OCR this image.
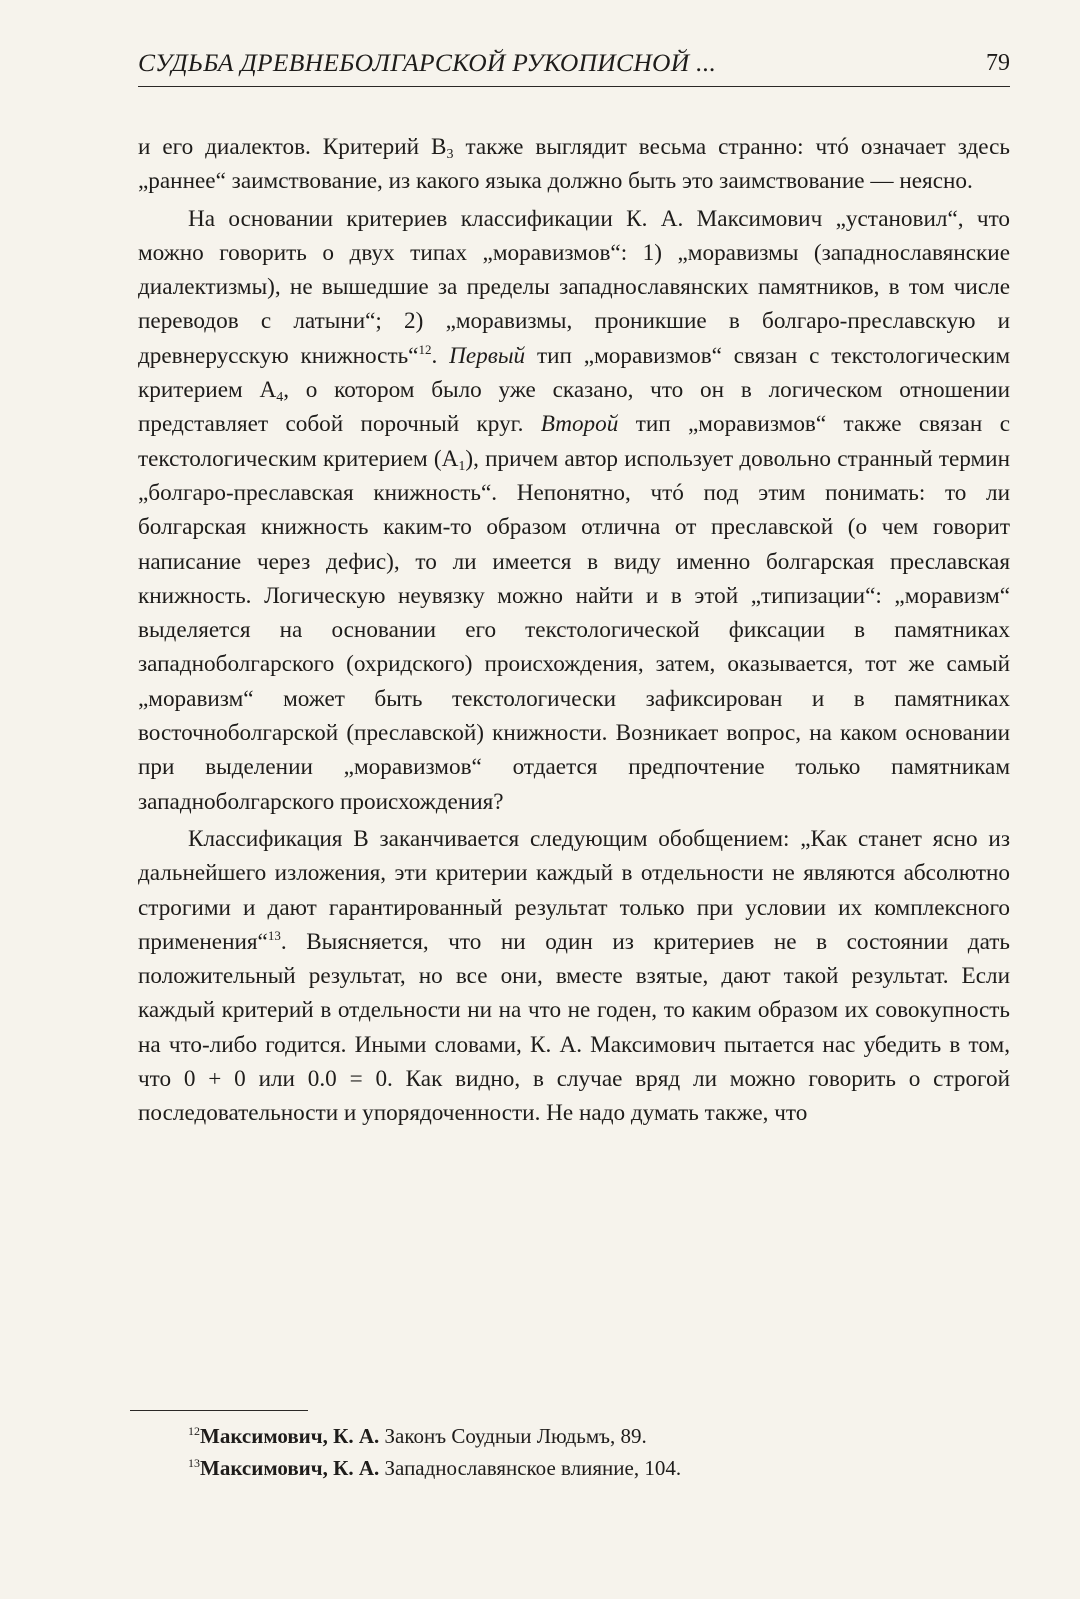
СУДЬБА ДРЕВНЕБОЛГАРСКОЙ РУКОПИСНОЙ ...	79

и его диалектов. Критерий $B_3$ также выглядит весьма странно: чтó означает здесь „раннее“ заимствование, из какого языка должно быть это заимствование — неясно.

На основании критериев классификации К. А. Максимович „установил“, что можно говорить о двух типах „моравизмов“: 1) „моравизмы (западнославянские диалектизмы), не вышедшие за пределы западнославянских памятников, в том числе переводов с латыни“; 2) „моравизмы, проникшие в болгаро-преславскую и древнерусскую книжность“$^{12}$. Первый тип „моравизмов“ связан с текстологическим критерием $A_4$, о котором было уже сказано, что он в логическом отношении представляет собой порочный круг. Второй тип „моравизмов“ также связан с текстологическим критерием $(A_1)$, причем автор использует довольно странный термин „болгаро-преславская книжность“. Непонятно, чтó под этим понимать: то ли болгарская книжность каким-то образом отлична от преславской (о чем говорит написание через дефис), то ли имеется в виду именно болгарская преславская книжность. Логическую неувязку можно найти и в этой „типизации“: „моравизм“ выделяется на основании его текстологической фиксации в памятниках западноболгарского (охридского) происхождения, затем, оказывается, тот же самый „моравизм“ может быть текстологически зафиксирован и в памятниках восточноболгарской (преславской) книжности. Возникает вопрос, на каком основании при выделении „моравизмов“ отдается предпочтение только памятникам западноболгарского происхождения?

Классификация B заканчивается следующим обобщением: „Как станет ясно из дальнейшего изложения, эти критерии каждый в отдельности не являются абсолютно строгими и дают гарантированный результат только при условии их комплексного применения“$^{13}$. Выясняется, что ни один из критериев не в состоянии дать положительный результат, но все они, вместе взятые, дают такой результат. Если каждый критерий в отдельности ни на что не годен, то каким образом их совокупность на что-либо годится. Иными словами, К. А. Максимович пытается нас убедить в том, что 0 + 0 или 0.0 = 0. Как видно, в случае вряд ли можно говорить о строгой последовательности и упорядоченности. Не надо думать также, что

$^{12}$Максимович, К. А. Законъ Соудныи Людьмъ, 89.

$^{13}$Максимович, К. А. Западнославянское влияние, 104.
